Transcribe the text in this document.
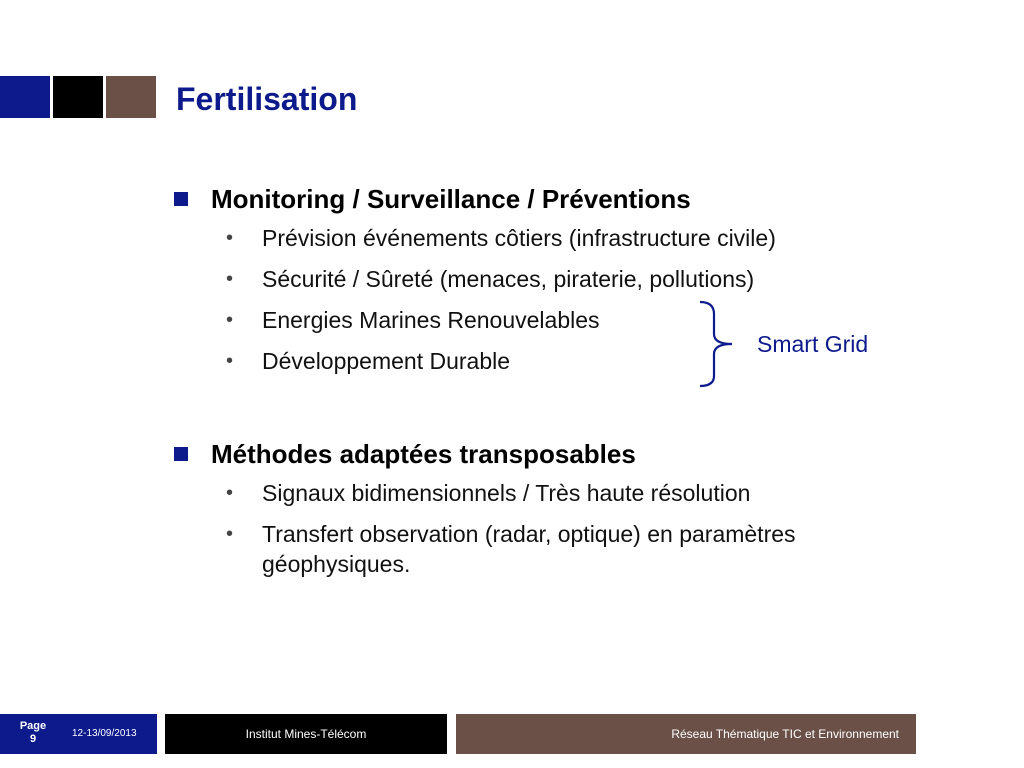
Fertilisation
Monitoring / Surveillance / Préventions
• Prévision événements côtiers (infrastructure civile)
• Sécurité / Sûreté (menaces, piraterie, pollutions)
• Energies Marines Renouvelables
• Développement Durable
Smart Grid
Méthodes adaptées transposables
• Signaux bidimensionnels / Très haute résolution
• Transfert observation (radar, optique) en paramètres géophysiques.
Page
9	12-13/09/2013	Institut Mines-Télécom	Réseau Thématique TIC et Environnement
